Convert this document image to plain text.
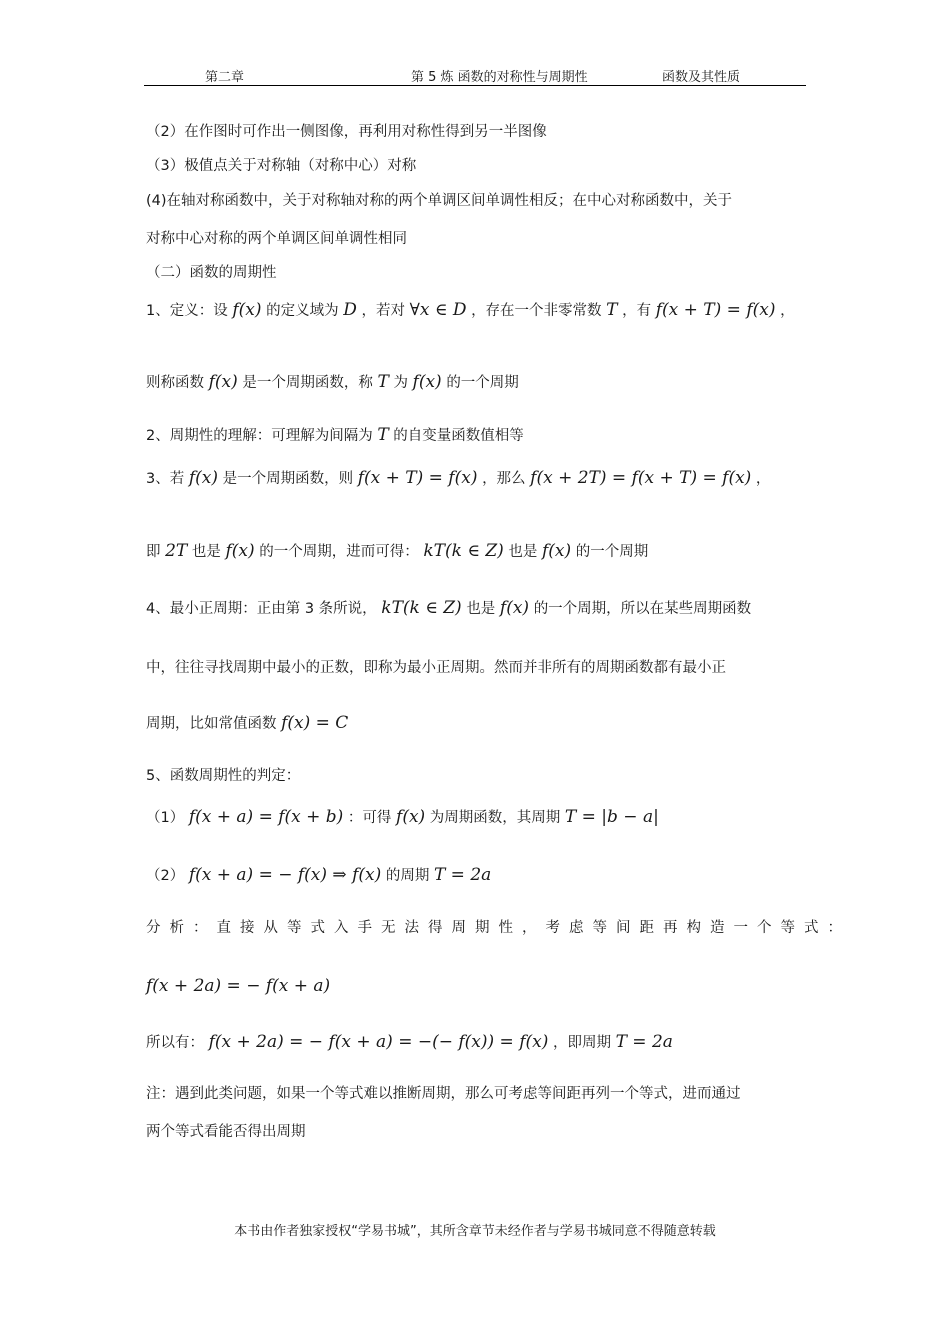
第二章	第 5 炼 函数的对称性与周期性	函数及其性质
（2）在作图时可作出一侧图像，再利用对称性得到另一半图像
（3）极值点关于对称轴（对称中心）对称
(4)在轴对称函数中，关于对称轴对称的两个单调区间单调性相反；在中心对称函数中，关于
对称中心对称的两个单调区间单调性相同
（二）函数的周期性
1、定义：设 f(x) 的定义域为 D ，若对 ∀x ∈ D ，存在一个非零常数 T ，有 f(x + T) = f(x) ，
则称函数 f(x) 是一个周期函数，称 T 为 f(x) 的一个周期
2、周期性的理解：可理解为间隔为 T 的自变量函数值相等
3、若 f(x) 是一个周期函数，则 f(x + T) = f(x) ，那么 f(x + 2T) = f(x + T) = f(x) ，
即 2T 也是 f(x) 的一个周期，进而可得： kT(k ∈ Z) 也是 f(x) 的一个周期
4、最小正周期：正由第 3 条所说， kT(k ∈ Z) 也是 f(x) 的一个周期，所以在某些周期函数
中，往往寻找周期中最小的正数，即称为最小正周期。然而并非所有的周期函数都有最小正
周期，比如常值函数 f(x) = C
5、函数周期性的判定：
（1） f(x + a) = f(x + b) ：可得 f(x) 为周期函数，其周期 T = |b − a|
（2） f(x + a) = − f(x) ⇒ f(x) 的周期 T = 2a
分析：直接从等式入手无法得周期性，考虑等间距再构造一个等式：
f(x + 2a) = − f(x + a)
所以有： f(x + 2a) = − f(x + a) = −(− f(x)) = f(x) ，即周期 T = 2a
注：遇到此类问题，如果一个等式难以推断周期，那么可考虑等间距再列一个等式，进而通过
两个等式看能否得出周期
本书由作者独家授权“学易书城”，其所含章节未经作者与学易书城同意不得随意转载
